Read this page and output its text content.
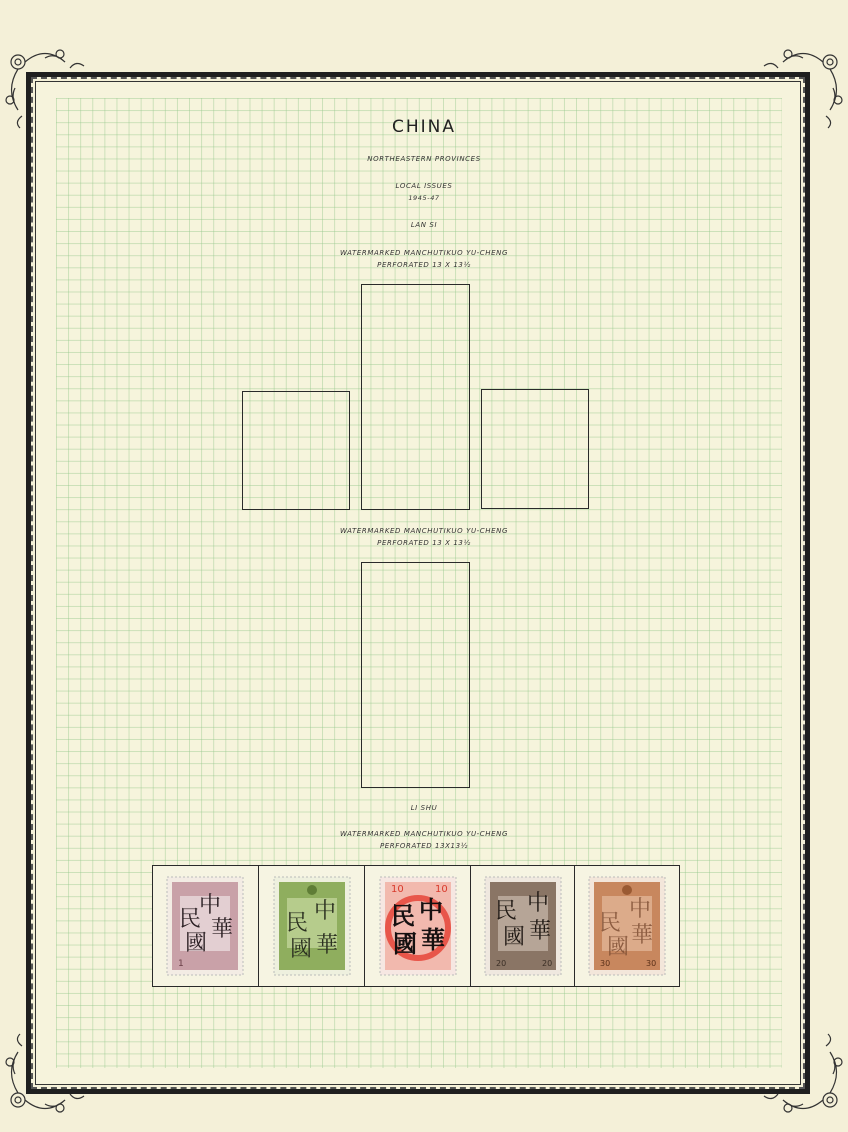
CHINA
NORTHEASTERN PROVINCES
LOCAL ISSUES
1945-47
LAN SI
WATERMARKED MANCHUTIKUO YU-CHENG
PERFORATED 13 X 13½
WATERMARKED MANCHUTIKUO YU-CHENG
PERFORATED 13 X 13½
LI SHU
WATERMARKED MANCHUTIKUO YU-CHENG
PERFORATED 13X13½
1
中
華
民
國
民 中
國 華
10	10
民 中
國 華
20	20
民 中
國 華
30	30
民
中
國 華
